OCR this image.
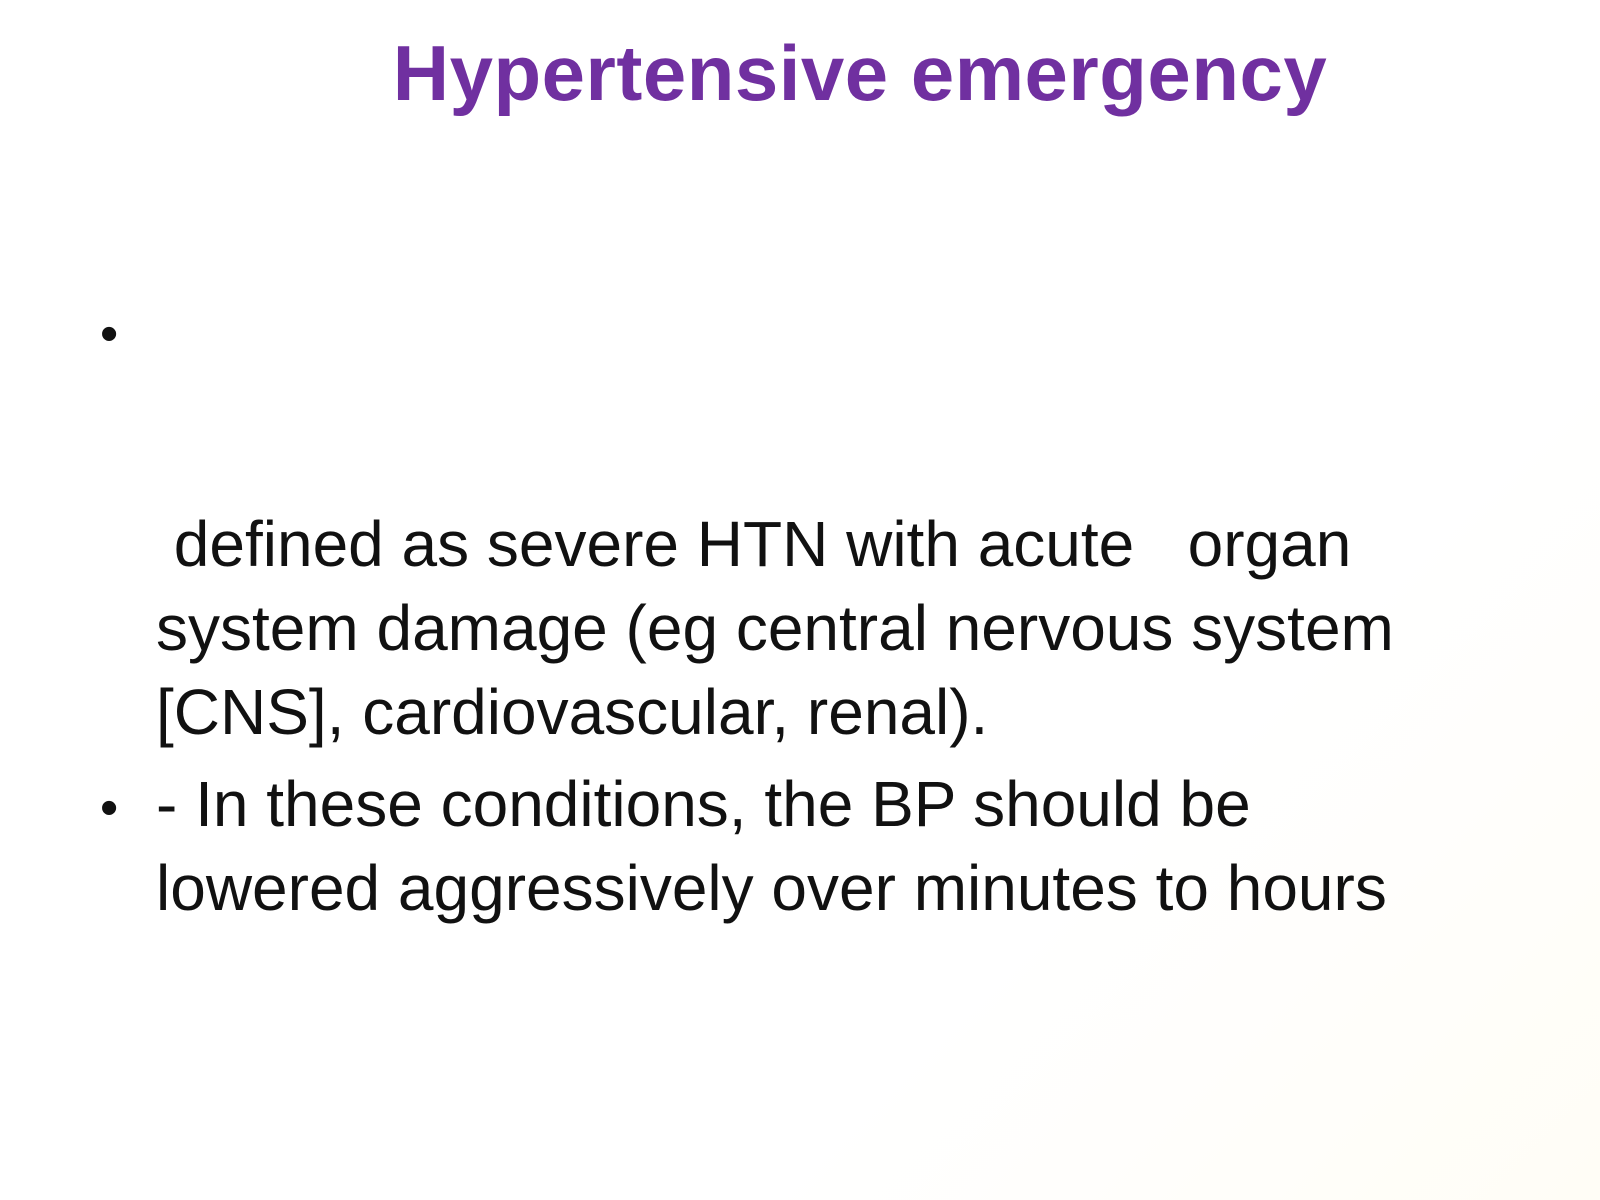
Hypertensive emergency
•
defined as severe HTN with acute   organ
system damage (eg central nervous system
[CNS], cardiovascular, renal).
• - In these conditions, the BP should be
lowered aggressively over minutes to hours
